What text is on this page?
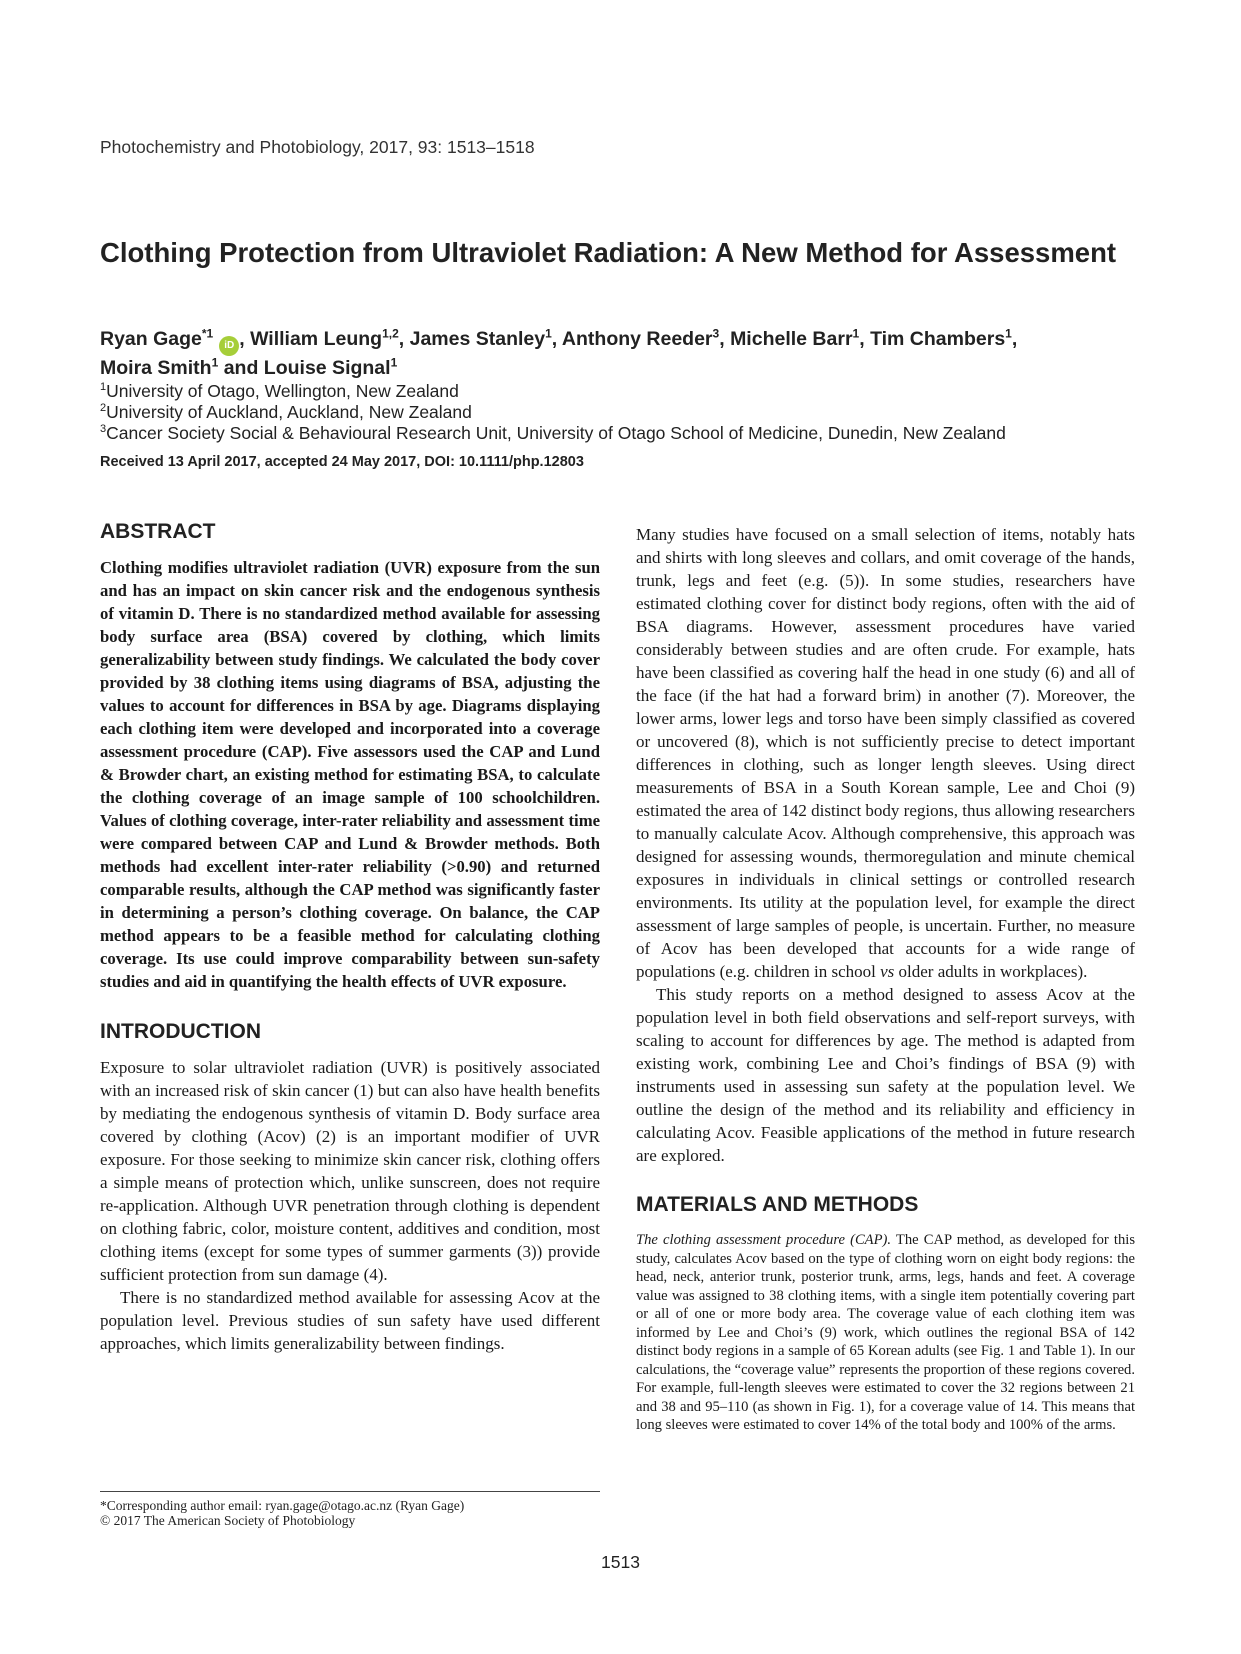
Photochemistry and Photobiology, 2017, 93: 1513–1518
Clothing Protection from Ultraviolet Radiation: A New Method for Assessment
Ryan Gage$^{*1}$iD , William Leung$^{1,2}$, James Stanley$^1$, Anthony Reeder$^3$, Michelle Barr$^1$, Tim Chambers$^1$,
Moira Smith$^1$ and Louise Signal$^1$
$^1$University of Otago, Wellington, New Zealand
$^2$University of Auckland, Auckland, New Zealand
$^3$Cancer Society Social & Behavioural Research Unit, University of Otago School of Medicine, Dunedin, New Zealand
Received 13 April 2017, accepted 24 May 2017, DOI: 10.1111/php.12803
ABSTRACT

Clothing modifies ultraviolet radiation (UVR) exposure from the sun and has an impact on skin cancer risk and the endogenous synthesis of vitamin D. There is no standardized method available for assessing body surface area (BSA) covered by clothing, which limits generalizability between study findings. We calculated the body cover provided by 38 clothing items using diagrams of BSA, adjusting the values to account for differences in BSA by age. Diagrams displaying each clothing item were developed and incorporated into a coverage assessment procedure (CAP). Five assessors used the CAP and Lund & Browder chart, an existing method for estimating BSA, to calculate the clothing coverage of an image sample of 100 schoolchildren. Values of clothing coverage, inter-rater reliability and assessment time were compared between CAP and Lund & Browder methods. Both methods had excellent inter-rater reliability (>0.90) and returned comparable results, although the CAP method was significantly faster in determining a person’s clothing coverage. On balance, the CAP method appears to be a feasible method for calculating clothing coverage. Its use could improve comparability between sun-safety studies and aid in quantifying the health effects of UVR exposure.

INTRODUCTION

Exposure to solar ultraviolet radiation (UVR) is positively associated with an increased risk of skin cancer (1) but can also have health benefits by mediating the endogenous synthesis of vitamin D. Body surface area covered by clothing (Acov) (2) is an important modifier of UVR exposure. For those seeking to minimize skin cancer risk, clothing offers a simple means of protection which, unlike sunscreen, does not require re-application. Although UVR penetration through clothing is dependent on clothing fabric, color, moisture content, additives and condition, most clothing items (except for some types of summer garments (3)) provide sufficient protection from sun damage (4).

There is no standardized method available for assessing Acov at the population level. Previous studies of sun safety have used different approaches, which limits generalizability between findings.

Many studies have focused on a small selection of items, notably hats and shirts with long sleeves and collars, and omit coverage of the hands, trunk, legs and feet (e.g. (5)). In some studies, researchers have estimated clothing cover for distinct body regions, often with the aid of BSA diagrams. However, assessment procedures have varied considerably between studies and are often crude. For example, hats have been classified as covering half the head in one study (6) and all of the face (if the hat had a forward brim) in another (7). Moreover, the lower arms, lower legs and torso have been simply classified as covered or uncovered (8), which is not sufficiently precise to detect important differences in clothing, such as longer length sleeves. Using direct measurements of BSA in a South Korean sample, Lee and Choi (9) estimated the area of 142 distinct body regions, thus allowing researchers to manually calculate Acov. Although comprehensive, this approach was designed for assessing wounds, thermoregulation and minute chemical exposures in individuals in clinical settings or controlled research environments. Its utility at the population level, for example the direct assessment of large samples of people, is uncertain. Further, no measure of Acov has been developed that accounts for a wide range of populations (e.g. children in school vs older adults in workplaces).

This study reports on a method designed to assess Acov at the population level in both field observations and self-report surveys, with scaling to account for differences by age. The method is adapted from existing work, combining Lee and Choi’s findings of BSA (9) with instruments used in assessing sun safety at the population level. We outline the design of the method and its reliability and efficiency in calculating Acov. Feasible applications of the method in future research are explored.

MATERIALS AND METHODS

The clothing assessment procedure (CAP). The CAP method, as developed for this study, calculates Acov based on the type of clothing worn on eight body regions: the head, neck, anterior trunk, posterior trunk, arms, legs, hands and feet. A coverage value was assigned to 38 clothing items, with a single item potentially covering part or all of one or more body area. The coverage value of each clothing item was informed by Lee and Choi’s (9) work, which outlines the regional BSA of 142 distinct body regions in a sample of 65 Korean adults (see Fig. 1 and Table 1). In our calculations, the “coverage value” represents the proportion of these regions covered. For example, full-length sleeves were estimated to cover the 32 regions between 21 and 38 and 95–110 (as shown in Fig. 1), for a coverage value of 14. This means that long sleeves were estimated to cover 14% of the total body and 100% of the arms.

*Corresponding author email: ryan.gage@otago.ac.nz (Ryan Gage)
© 2017 The American Society of Photobiology
1513
